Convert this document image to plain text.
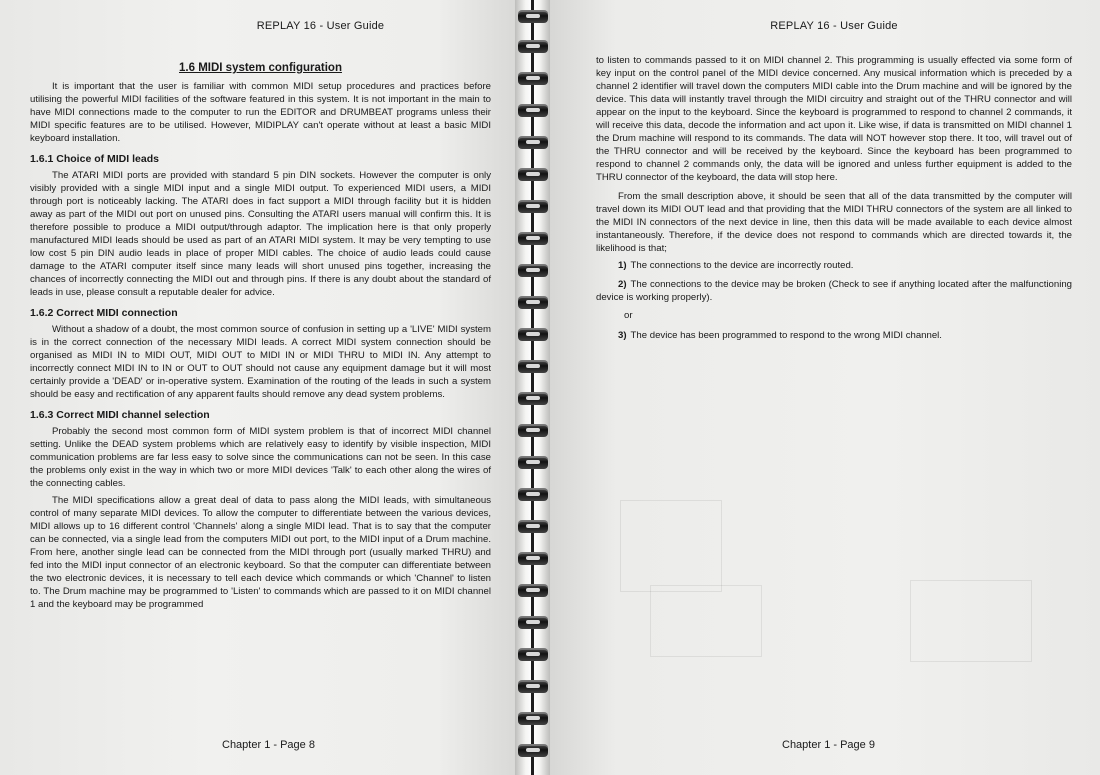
REPLAY 16 - User Guide
1.6 MIDI system configuration

It is important that the user is familiar with common MIDI setup procedures and practices before utilising the powerful MIDI facilities of the software featured in this system. It is not important in the main to have MIDI connections made to the computer to run the EDITOR and DRUMBEAT programs unless their MIDI specific features are to be utilised. However, MIDIPLAY can't operate without at least a basic MIDI keyboard installation.

1.6.1 Choice of MIDI leads

The ATARI MIDI ports are provided with standard 5 pin DIN sockets. However the computer is only visibly provided with a single MIDI input and a single MIDI output. To experienced MIDI users, a MIDI through port is noticeably lacking. The ATARI does in fact support a MIDI through facility but it is hidden away as part of the MIDI out port on unused pins. Consulting the ATARI users manual will confirm this. It is therefore possible to produce a MIDI output/through adaptor. The implication here is that only properly manufactured MIDI leads should be used as part of an ATARI MIDI system. It may be very tempting to use low cost 5 pin DIN audio leads in place of proper MIDI cables. The choice of audio leads could cause damage to the ATARI computer itself since many leads will short unused pins together, increasing the chances of incorrectly connecting the MIDI out and through pins. If there is any doubt about the standard of leads in use, please consult a reputable dealer for advice.

1.6.2 Correct MIDI connection

Without a shadow of a doubt, the most common source of confusion in setting up a 'LIVE' MIDI system is in the correct connection of the necessary MIDI leads. A correct MIDI system connection should be organised as MIDI IN to MIDI OUT, MIDI OUT to MIDI IN or MIDI THRU to MIDI IN. Any attempt to incorrectly connect MIDI IN to IN or OUT to OUT should not cause any equipment damage but it will most certainly provide a 'DEAD' or in-operative system. Examination of the routing of the leads in such a system should be easy and rectification of any apparent faults should remove any dead system problems.

1.6.3 Correct MIDI channel selection

Probably the second most common form of MIDI system problem is that of incorrect MIDI channel setting. Unlike the DEAD system problems which are relatively easy to identify by visible inspection, MIDI communication problems are far less easy to solve since the communications can not be seen. In this case the problems only exist in the way in which two or more MIDI devices 'Talk' to each other along the wires of the connecting cables.

The MIDI specifications allow a great deal of data to pass along the MIDI leads, with simultaneous control of many separate MIDI devices. To allow the computer to differentiate between the various devices, MIDI allows up to 16 different control 'Channels' along a single MIDI lead. That is to say that the computer can be connected, via a single lead from the computers MIDI out port, to the MIDI input of a Drum machine. From here, another single lead can be connected from the MIDI through port (usually marked THRU) and fed into the MIDI input connector of an electronic keyboard. So that the computer can differentiate between the two electronic devices, it is necessary to tell each device which commands or which 'Channel' to listen to. The Drum machine may be programmed to 'Listen' to commands which are passed to it on MIDI channel 1 and the keyboard may be programmed

Chapter 1 - Page 8
REPLAY 16 - User Guide

to listen to commands passed to it on MIDI channel 2. This programming is usually effected via some form of key input on the control panel of the MIDI device concerned. Any musical information which is preceded by a channel 2 identifier will travel down the computers MIDI cable into the Drum machine and will be ignored by the device. This data will instantly travel through the MIDI circuitry and straight out of the THRU connector and will appear on the input to the keyboard. Since the keyboard is programmed to respond to channel 2 commands, it will receive this data, decode the information and act upon it. Like wise, if data is transmitted on MIDI channel 1 the Drum machine will respond to its commands. The data will NOT however stop there. It too, will travel out of the THRU connector and will be received by the keyboard. Since the keyboard has been programmed to respond to channel 2 commands only, the data will be ignored and unless further equipment is added to the THRU connector of the keyboard, the data will stop here.

From the small description above, it should be seen that all of the data transmitted by the computer will travel down its MIDI OUT lead and that providing that the MIDI THRU connectors of the system are all linked to the MIDI IN connectors of the next device in line, then this data will be made available to each device almost instantaneously. Therefore, if the device does not respond to commands which are directed towards it, the likelihood is that;

1) The connections to the device are incorrectly routed.
2) The connections to the device may be broken (Check to see if anything located after the malfunctioning device is working properly).
or
3) The device has been programmed to respond to the wrong MIDI channel.
Chapter 1 - Page 9
